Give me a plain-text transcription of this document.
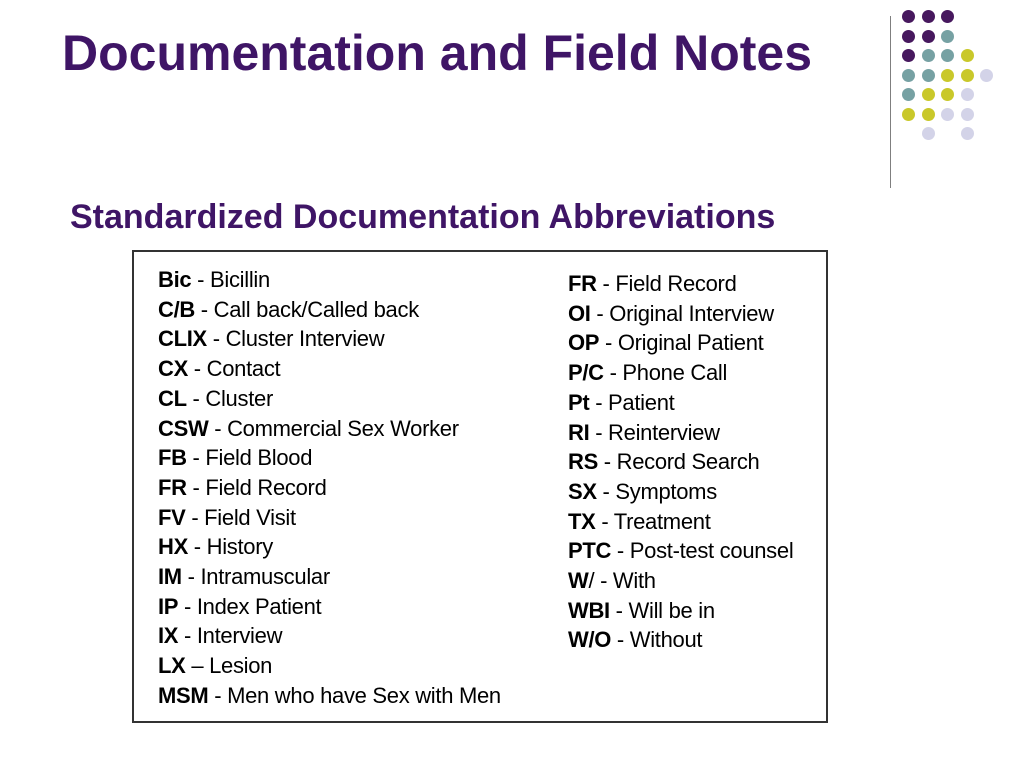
Documentation and Field Notes
Standardized Documentation Abbreviations
Bic - Bicillin
C/B - Call back/Called back
CLIX - Cluster Interview
CX - Contact
CL - Cluster
CSW - Commercial Sex Worker
FB - Field Blood
FR - Field Record
FV - Field Visit
HX - History
IM - Intramuscular
IP - Index Patient
IX - Interview
LX – Lesion
MSM - Men who have Sex with Men
FR - Field Record
OI - Original Interview
OP - Original Patient
P/C - Phone Call
Pt - Patient
RI - Reinterview
RS - Record Search
SX - Symptoms
TX - Treatment
PTC - Post-test counsel
W/ - With
WBI - Will be in
W/O - Without
